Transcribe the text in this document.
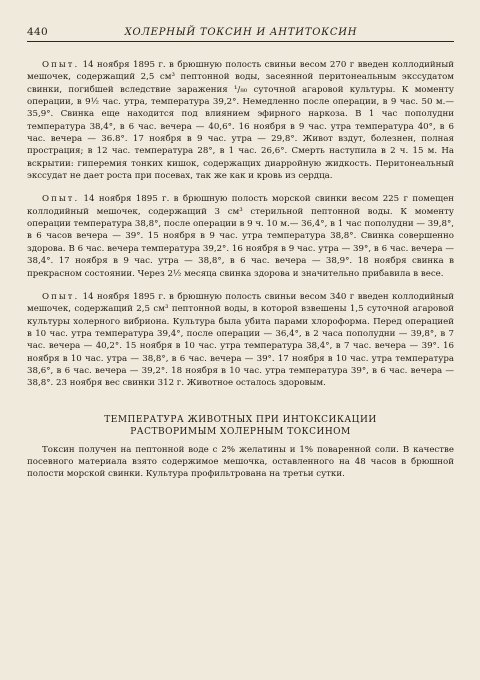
440	ХОЛЕРНЫЙ ТОКСИН И АНТИТОКСИН

Опыт. 14 ноября 1895 г. в брюшную полость свиньи весом 270 г введен коллодийный мешочек, содержащий 2,5 см³ пептонной воды, засеянной перитонеальным экссудатом свинки, погибшей вследствие заражения ¹/₈₀ суточной агаровой культуры. К моменту операции, в 9½ час. утра, температура 39,2°. Немедленно после операции, в 9 час. 50 м.— 35,9°. Свинка еще находится под влиянием эфирного наркоза. В 1 час пополудни температура 38,4°, в 6 час. вечера — 40,6°. 16 ноября в 9 час. утра температура 40°, в 6 час. вечера — 36.8°. 17 ноября в 9 час. утра — 29,8°. Живот вздут, болезнен, полная прострация; в 12 час. температура 28°, в 1 час. 26,6°. Смерть наступила в 2 ч. 15 м. На вскрытии: гиперемия тонких кишок, содержащих диарройную жидкость. Перитонеальный экссудат не дает роста при посевах, так же как и кровь из сердца.

Опыт. 14 ноября 1895 г. в брюшную полость морской свинки весом 225 г помещен коллодийный мешочек, содержащий 3 см³ стерильной пептонной воды. К моменту операции температура 38,8°, после операции в 9 ч. 10 м.— 36,4°, в 1 час пополудни — 39,8°, в 6 часов вечера — 39°. 15 ноября в 9 час. утра температура 38,8°. Свинка совершенно здорова. В 6 час. вечера температура 39,2°. 16 ноября в 9 час. утра — 39°, в 6 час. вечера — 38,4°. 17 ноября в 9 час. утра — 38,8°, в 6 час. вечера — 38,9°. 18 ноября свинка в прекрасном состоянии. Через 2½ месяца свинка здорова и значительно прибавила в весе.

Опыт. 14 ноября 1895 г. в брюшную полость свиньи весом 340 г введен коллодийный мешочек, содержащий 2,5 см³ пептонной воды, в которой взвешены 1,5 суточной агаровой культуры холерного вибриона. Культура была убита парами хлороформа. Перед операцией в 10 час. утра температура 39,4°, после операции — 36,4°, в 2 часа пополудни — 39,8°, в 7 час. вечера — 40,2°. 15 ноября в 10 час. утра температура 38,4°, в 7 час. вечера — 39°. 16 ноября в 10 час. утра — 38,8°, в 6 час. вечера — 39°. 17 ноября в 10 час. утра температура 38,6°, в 6 час. вечера — 39,2°. 18 ноября в 10 час. утра температура 39°, в 6 час. вечера — 38,8°. 23 ноября вес свинки 312 г. Животное осталось здоровым.

ТЕМПЕРАТУРА ЖИВОТНЫХ ПРИ ИНТОКСИКАЦИИ
РАСТВОРИМЫМ ХОЛЕРНЫМ ТОКСИНОМ

Токсин получен на пептонной воде с 2% желатины и 1% поваренной соли. В качестве посевного материала взято содержимое мешочка, оставленного на 48 часов в брюшной полости морской свинки. Культура профильтрована на третьи сутки.
